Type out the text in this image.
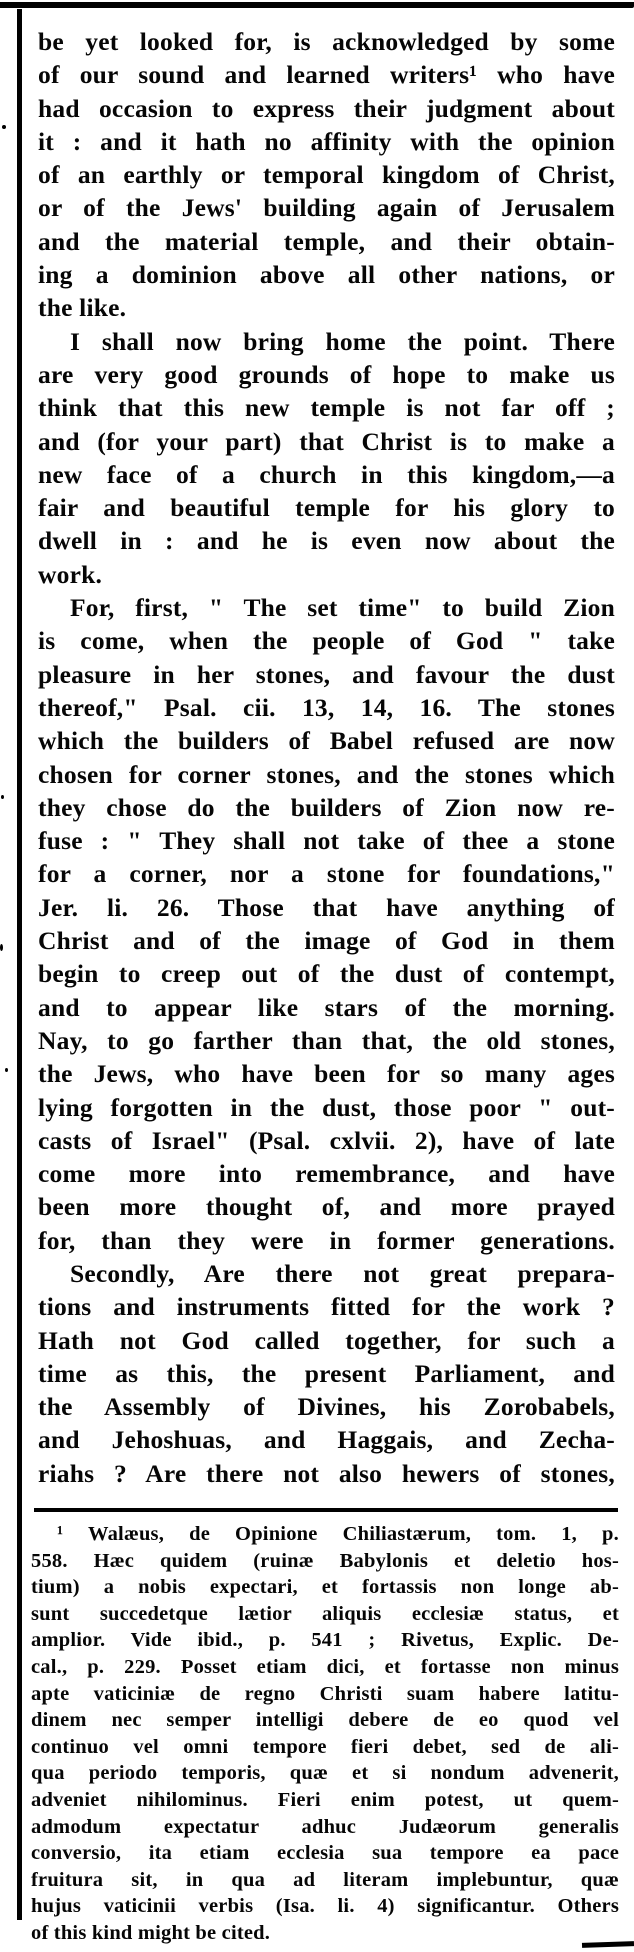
be yet looked for, is acknowledged by some
of our sound and learned writers¹ who have
had occasion to express their judgment about
it : and it hath no affinity with the opinion
of an earthly or temporal kingdom of Christ,
or of the Jews' building again of Jerusalem
and the material temple, and their obtain-
ing a dominion above all other nations, or
the like.
I shall now bring home the point. There
are very good grounds of hope to make us
think that this new temple is not far off ;
and (for your part) that Christ is to make a
new face of a church in this kingdom,—a
fair and beautiful temple for his glory to
dwell in : and he is even now about the
work.
For, first, " The set time" to build Zion
is come, when the people of God " take
pleasure in her stones, and favour the dust
thereof," Psal. cii. 13, 14, 16. The stones
which the builders of Babel refused are now
chosen for corner stones, and the stones which
they chose do the builders of Zion now re-
fuse : " They shall not take of thee a stone
for a corner, nor a stone for foundations,"
Jer. li. 26. Those that have anything of
Christ and of the image of God in them
begin to creep out of the dust of contempt,
and to appear like stars of the morning.
Nay, to go farther than that, the old stones,
the Jews, who have been for so many ages
lying forgotten in the dust, those poor " out-
casts of Israel" (Psal. cxlvii. 2), have of late
come more into remembrance, and have
been more thought of, and more prayed
for, than they were in former generations.
Secondly, Are there not great prepara-
tions and instruments fitted for the work ?
Hath not God called together, for such a
time as this, the present Parliament, and
the Assembly of Divines, his Zorobabels,
and Jehoshuas, and Haggais, and Zecha-
riahs ? Are there not also hewers of stones,
¹ Walæus, de Opinione Chiliastærum, tom. 1, p.
558. Hæc quidem (ruinæ Babylonis et deletio hos-
tium) a nobis expectari, et fortassis non longe ab-
sunt succedetque lætior aliquis ecclesiæ status, et
amplior. Vide ibid., p. 541 ; Rivetus, Explic. De-
cal., p. 229. Posset etiam dici, et fortasse non minus
apte vaticiniæ de regno Christi suam habere latitu-
dinem nec semper intelligi debere de eo quod vel
continuo vel omni tempore fieri debet, sed de ali-
qua periodo temporis, quæ et si nondum advenerit,
adveniet nihilominus. Fieri enim potest, ut quem-
admodum expectatur adhuc Judæorum generalis
conversio, ita etiam ecclesia sua tempore ea pace
fruitura sit, in qua ad literam implebuntur, quæ
hujus vaticinii verbis (Isa. li. 4) significantur. Others
of this kind might be cited.
